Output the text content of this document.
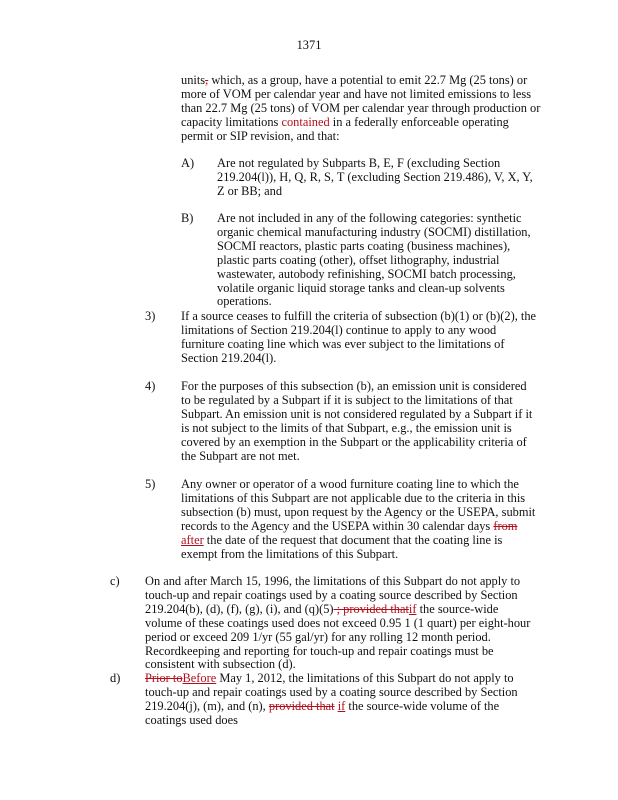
1371
units, which, as a group, have a potential to emit 22.7 Mg (25 tons) or more of VOM per calendar year and have not limited emissions to less than 22.7 Mg (25 tons) of VOM per calendar year through production or capacity limitations contained in a federally enforceable operating permit or SIP revision, and that:
A) Are not regulated by Subparts B, E, F (excluding Section 219.204(l)), H, Q, R, S, T (excluding Section 219.486), V, X, Y, Z or BB; and
B) Are not included in any of the following categories: synthetic organic chemical manufacturing industry (SOCMI) distillation, SOCMI reactors, plastic parts coating (business machines), plastic parts coating (other), offset lithography, industrial wastewater, autobody refinishing, SOCMI batch processing, volatile organic liquid storage tanks and clean-up solvents operations.
3) If a source ceases to fulfill the criteria of subsection (b)(1) or (b)(2), the limitations of Section 219.204(l) continue to apply to any wood furniture coating line which was ever subject to the limitations of Section 219.204(l).
4) For the purposes of this subsection (b), an emission unit is considered to be regulated by a Subpart if it is subject to the limitations of that Subpart. An emission unit is not considered regulated by a Subpart if it is not subject to the limits of that Subpart, e.g., the emission unit is covered by an exemption in the Subpart or the applicability criteria of the Subpart are not met.
5) Any owner or operator of a wood furniture coating line to which the limitations of this Subpart are not applicable due to the criteria in this subsection (b) must, upon request by the Agency or the USEPA, submit records to the Agency and the USEPA within 30 calendar days from after the date of the request that document that the coating line is exempt from the limitations of this Subpart.
c) On and after March 15, 1996, the limitations of this Subpart do not apply to touch-up and repair coatings used by a coating source described by Section 219.204(b), (d), (f), (g), (i), and (q)(5) ; provided thatif the source-wide volume of these coatings used does not exceed 0.95 1 (1 quart) per eight-hour period or exceed 209 1/yr (55 gal/yr) for any rolling 12 month period. Recordkeeping and reporting for touch-up and repair coatings must be consistent with subsection (d).
d) Prior toBefore May 1, 2012, the limitations of this Subpart do not apply to touch-up and repair coatings used by a coating source described by Section 219.204(j), (m), and (n), provided that if the source-wide volume of the coatings used does
